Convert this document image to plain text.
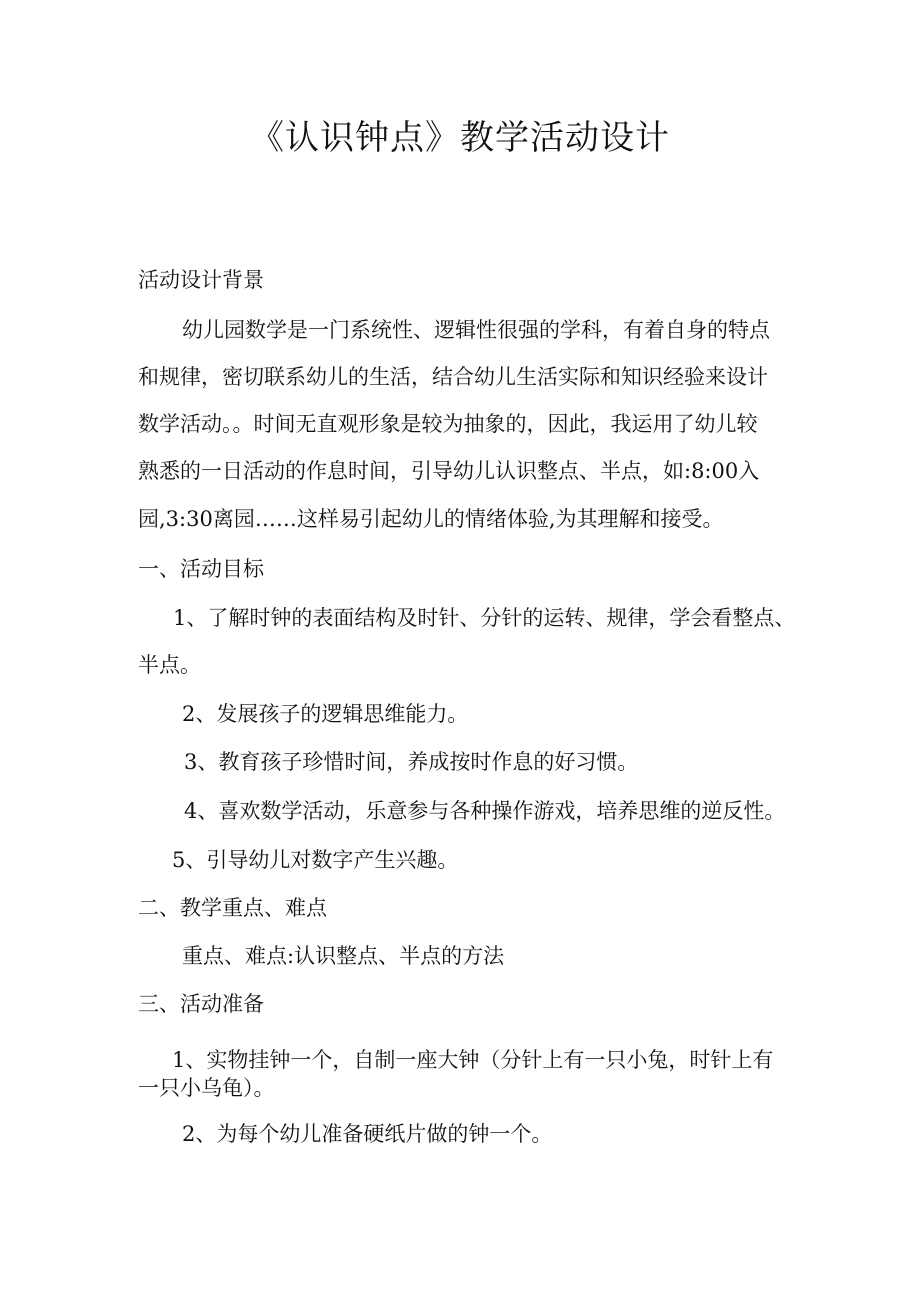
《认识钟点》教学活动设计
活动设计背景
幼儿园数学是一门系统性、逻辑性很强的学科，有着自身的特点
和规律，密切联系幼儿的生活，结合幼儿生活实际和知识经验来设计
数学活动。。时间无直观形象是较为抽象的，因此，我运用了幼儿较
熟悉的一日活动的作息时间，引导幼儿认识整点、半点，如:8:00入
园,3:30离园……这样易引起幼儿的情绪体验,为其理解和接受。
一、活动目标
1、了解时钟的表面结构及时针、分针的运转、规律，学会看整点、
半点。
2、发展孩子的逻辑思维能力。
3、教育孩子珍惜时间，养成按时作息的好习惯。
4、喜欢数学活动，乐意参与各种操作游戏，培养思维的逆反性。
5、引导幼儿对数字产生兴趣。
二、教学重点、难点
重点、难点:认识整点、半点的方法
三、活动准备
1、实物挂钟一个，自制一座大钟（分针上有一只小兔，时针上有
一只小乌龟）。
2、为每个幼儿准备硬纸片做的钟一个。
